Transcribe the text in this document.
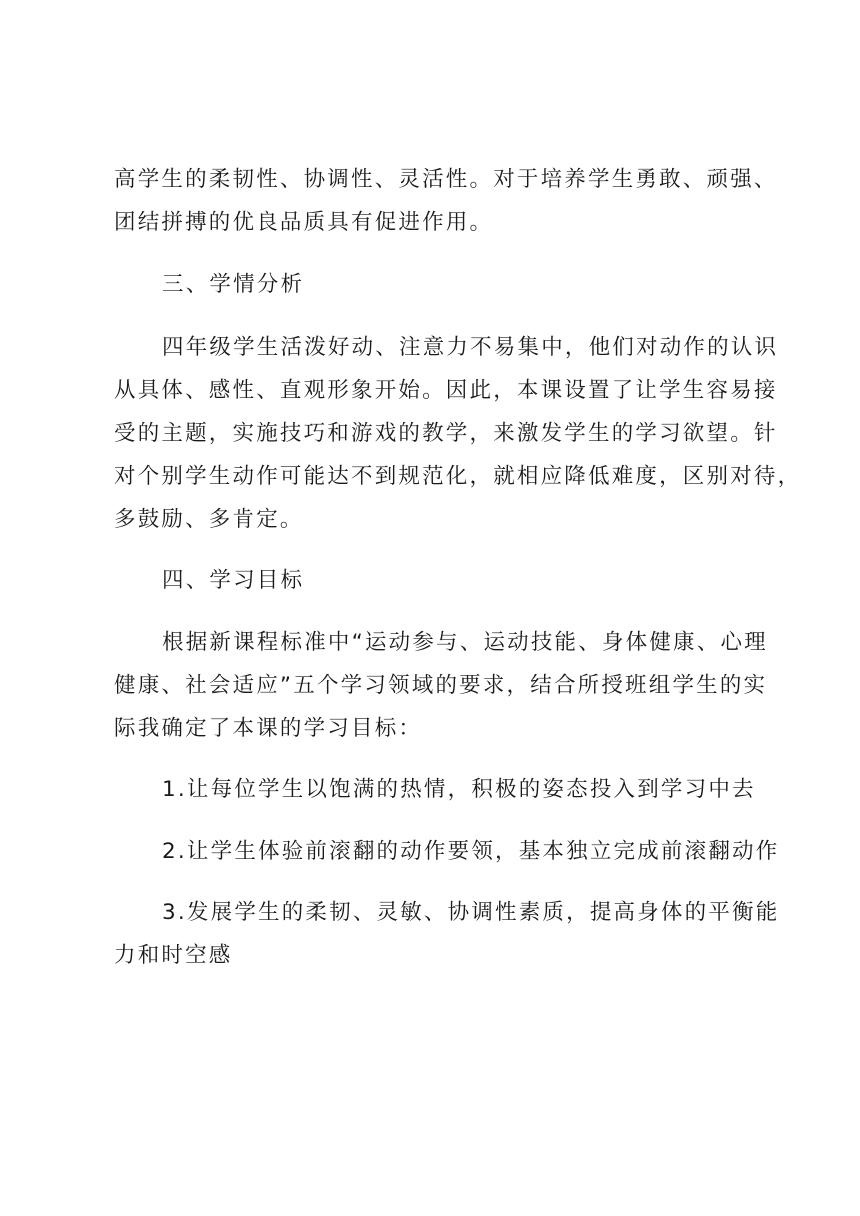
高学生的柔韧性、协调性、灵活性。对于培养学生勇敢、顽强、
团结拼搏的优良品质具有促进作用。
三、学情分析
四年级学生活泼好动、注意力不易集中，他们对动作的认识
从具体、感性、直观形象开始。因此，本课设置了让学生容易接
受的主题，实施技巧和游戏的教学，来激发学生的学习欲望。针
对个别学生动作可能达不到规范化，就相应降低难度，区别对待，
多鼓励、多肯定。
四、学习目标
根据新课程标准中“运动参与、运动技能、身体健康、心理
健康、社会适应”五个学习领域的要求，结合所授班组学生的实
际我确定了本课的学习目标：
1.让每位学生以饱满的热情，积极的姿态投入到学习中去
2.让学生体验前滚翻的动作要领，基本独立完成前滚翻动作
3.发展学生的柔韧、灵敏、协调性素质，提高身体的平衡能
力和时空感
